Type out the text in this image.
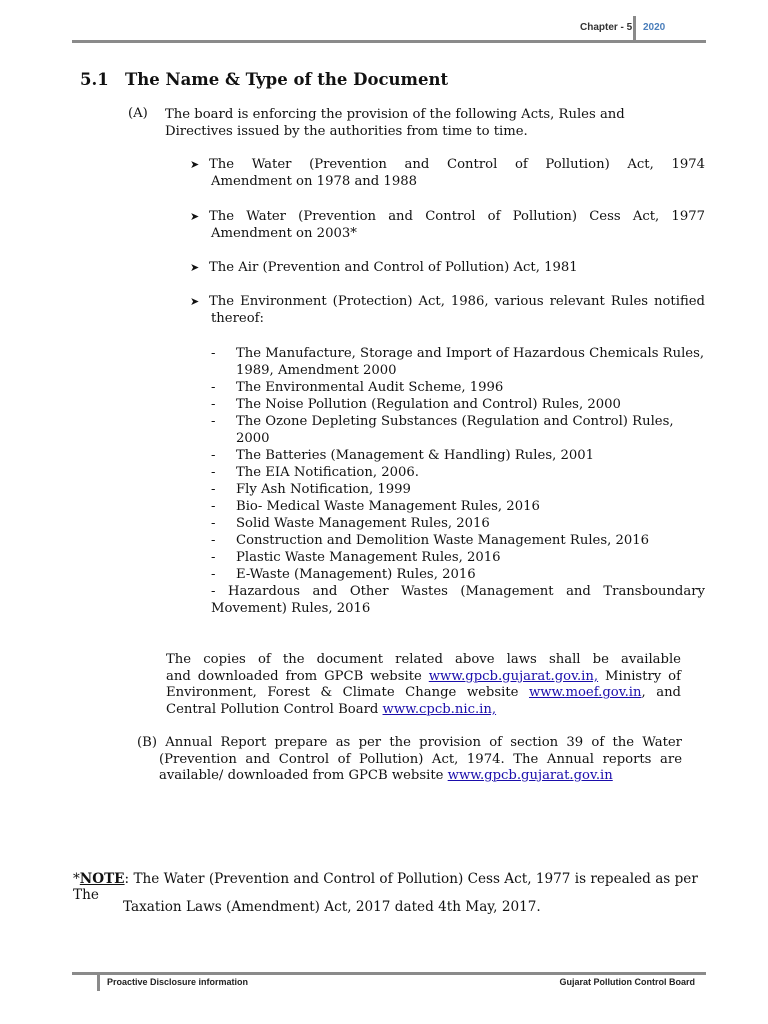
Chapter - 5 2020
5.1 The Name & Type of the Document
(A) The board is enforcing the provision of the following Acts, Rules and Directives issued by the authorities from time to time.
➤ The Water (Prevention and Control of Pollution) Act, 1974
Amendment on 1978 and 1988
➤ The Water (Prevention and Control of Pollution) Cess Act, 1977
Amendment on 2003*
➤ The Air (Prevention and Control of Pollution) Act, 1981
➤ The Environment (Protection) Act, 1986, various relevant Rules notified
thereof:
- The Manufacture, Storage and Import of Hazardous Chemicals Rules, 1989, Amendment 2000
- The Environmental Audit Scheme, 1996
- The Noise Pollution (Regulation and Control) Rules, 2000
- The Ozone Depleting Substances (Regulation and Control) Rules, 2000
- The Batteries (Management & Handling) Rules, 2001
- The EIA Notification, 2006.
- Fly Ash Notification, 1999
- Bio- Medical Waste Management Rules, 2016
- Solid Waste Management Rules, 2016
- Construction and Demolition Waste Management Rules, 2016
- Plastic Waste Management Rules, 2016
- E-Waste (Management) Rules, 2016
- Hazardous and Other Wastes (Management and Transboundary
Movement) Rules, 2016
The copies of the document related above laws shall be available
and downloaded from GPCB website www.gpcb.gujarat.gov.in, Ministry of
Environment, Forest & Climate Change website www.moef.gov.in, and
Central Pollution Control Board www.cpcb.nic.in,
(B) Annual Report prepare as per the provision of section 39 of the Water
(Prevention and Control of Pollution) Act, 1974. The Annual reports are
available/ downloaded from GPCB website www.gpcb.gujarat.gov.in
*NOTE: The Water (Prevention and Control of Pollution) Cess Act, 1977 is repealed as per The
Taxation Laws (Amendment) Act, 2017 dated 4th May, 2017.
Proactive Disclosure information	Gujarat Pollution Control Board
